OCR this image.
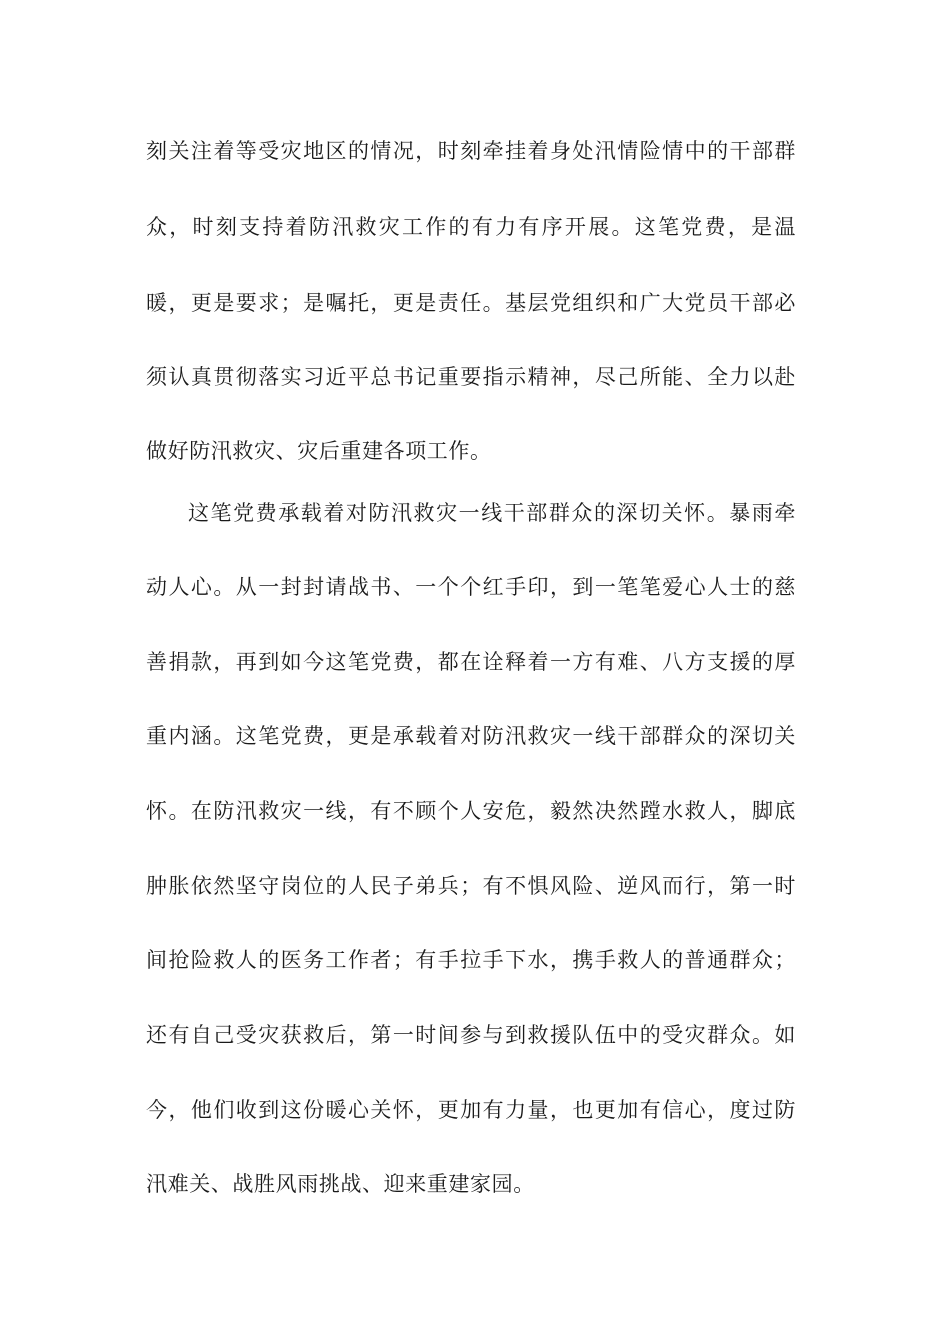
刻关注着等受灾地区的情况，时刻牵挂着身处汛情险情中的干部群
众，时刻支持着防汛救灾工作的有力有序开展。这笔党费，是温
暖，更是要求；是嘱托，更是责任。基层党组织和广大党员干部必
须认真贯彻落实习近平总书记重要指示精神，尽己所能、全力以赴
做好防汛救灾、灾后重建各项工作。
这笔党费承载着对防汛救灾一线干部群众的深切关怀。暴雨牵
动人心。从一封封请战书、一个个红手印，到一笔笔爱心人士的慈
善捐款，再到如今这笔党费，都在诠释着一方有难、八方支援的厚
重内涵。这笔党费，更是承载着对防汛救灾一线干部群众的深切关
怀。在防汛救灾一线，有不顾个人安危，毅然决然蹚水救人，脚底
肿胀依然坚守岗位的人民子弟兵；有不惧风险、逆风而行，第一时
间抢险救人的医务工作者；有手拉手下水，携手救人的普通群众；
还有自己受灾获救后，第一时间参与到救援队伍中的受灾群众。如
今，他们收到这份暖心关怀，更加有力量，也更加有信心，度过防
汛难关、战胜风雨挑战、迎来重建家园。
